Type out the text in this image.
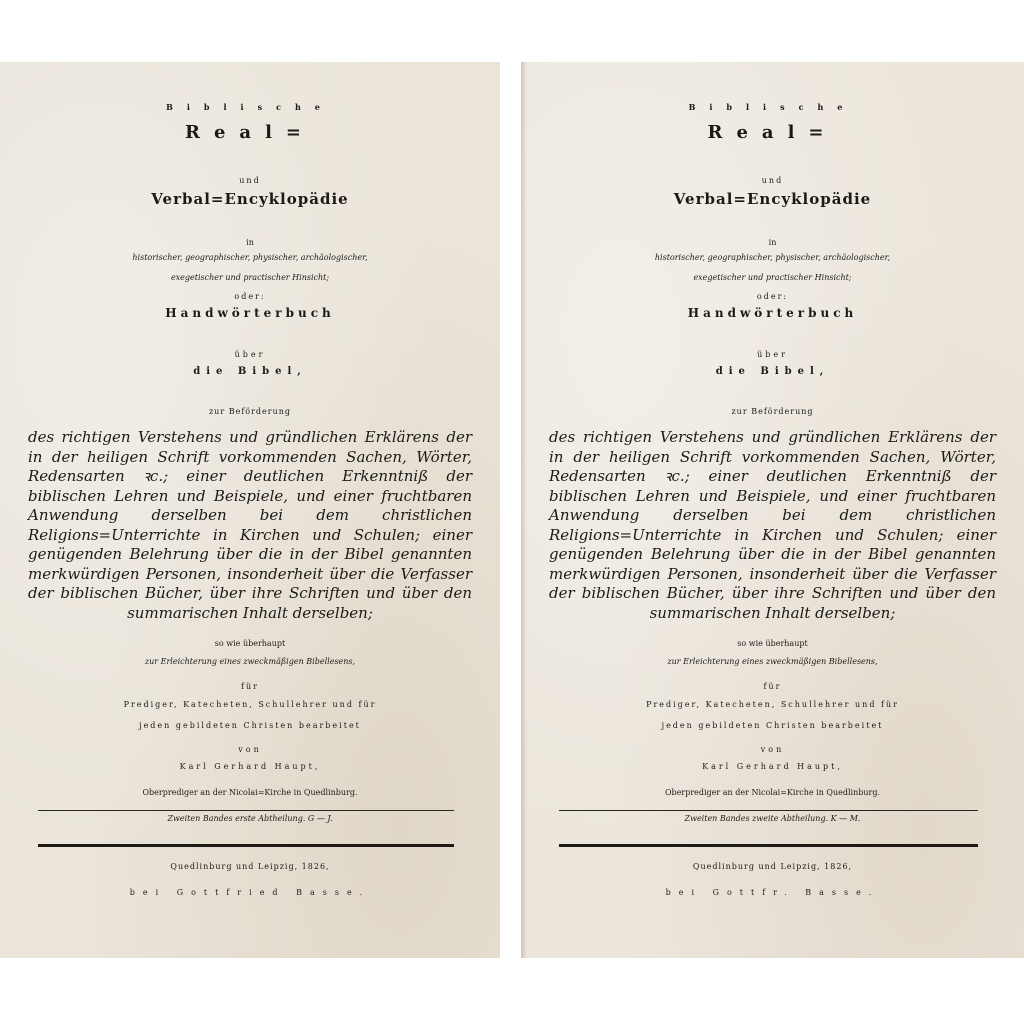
Biblische
Real=
und
Verbal=Encyklopädie
in
historischer, geographischer, physischer, archäologischer,
exegetischer und practischer Hinsicht;
oder:
Handwörterbuch
über
die Bibel,
zur Beförderung
des richtigen Verstehens und gründlichen Erklärens der in der heiligen Schrift vorkommenden Sachen, Wörter, Redensarten ꝛc.; einer deutlichen Erkenntniß der biblischen Lehren und Beispiele, und einer fruchtbaren Anwendung derselben bei dem christlichen Religions=Unterrichte in Kirchen und Schulen; einer genügenden Belehrung über die in der Bibel genannten merkwürdigen Personen, insonderheit über die Verfasser der biblischen Bücher, über ihre Schriften und über den summarischen Inhalt derselben;
so wie überhaupt
zur Erleichterung eines zweckmäßigen Bibellesens,
für
Prediger, Katecheten, Schullehrer und für
jeden gebildeten Christen bearbeitet
von
Karl Gerhard Haupt,
Oberprediger an der Nicolai=Kirche in Quedlinburg.
Zweiten Bandes erste Abtheilung. G — J.
Quedlinburg und Leipzig, 1826,
bei Gottfried Basse.
Biblische
Real=
und
Verbal=Encyklopädie
in
historischer, geographischer, physischer, archäologischer,
exegetischer und practischer Hinsicht;
oder:
Handwörterbuch
über
die Bibel,
zur Beförderung
des richtigen Verstehens und gründlichen Erklärens der in der heiligen Schrift vorkommenden Sachen, Wörter, Redensarten ꝛc.; einer deutlichen Erkenntniß der biblischen Lehren und Beispiele, und einer fruchtbaren Anwendung derselben bei dem christlichen Religions=Unterrichte in Kirchen und Schulen; einer genügenden Belehrung über die in der Bibel genannten merkwürdigen Personen, insonderheit über die Verfasser der biblischen Bücher, über ihre Schriften und über den summarischen Inhalt derselben;
so wie überhaupt
zur Erleichterung eines zweckmäßigen Bibellesens,
für
Prediger, Katecheten, Schullehrer und für
jeden gebildeten Christen bearbeitet
von
Karl Gerhard Haupt,
Oberprediger an der Nicolai=Kirche in Quedlinburg.
Zweiten Bandes zweite Abtheilung. K — M.
Quedlinburg und Leipzig, 1826,
bei Gottfr. Basse.
